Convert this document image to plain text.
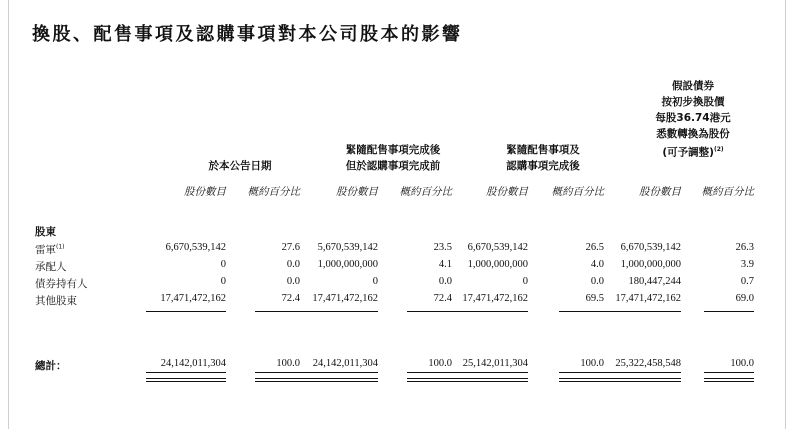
換股、配售事項及認購事項對本公司股本的影響
於本公告日期
緊隨配售事項完成後
但於認購事項完成前
緊隨配售事項及
認購事項完成後
假設債券
按初步換股價
每股36.74港元
悉數轉換為股份
(可予調整)$^{(2)}$
股份數目	概約百分比	股份數目	概約百分比	股份數目	概約百分比	股份數目	概約百分比
股東
雷軍$^{(1)}$	6,670,539,142	27.6	5,670,539,142	23.5	6,670,539,142	26.5	6,670,539,142	26.3
承配人	0	0.0	1,000,000,000	4.1	1,000,000,000	4.0	1,000,000,000	3.9
債券持有人	0	0.0	0	0.0	0	0.0	180,447,244	0.7
其他股東	17,471,472,162	72.4	17,471,472,162	72.4 17,471,472,162	69.5	17,471,472,162	69.0
總計：	24,142,011,304	100.0	24,142,011,304	100.0	25,142,011,304	100.0	25,322,458,548	100.0
